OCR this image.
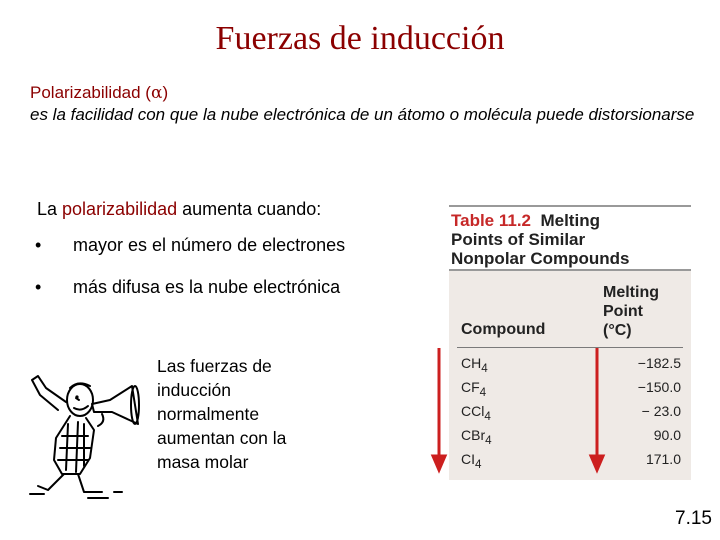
Fuerzas de inducción
Polarizabilidad (α)
es la facilidad con que la nube electrónica de un átomo o molécula puede distorsionarse
La polarizabilidad aumenta cuando:
• mayor es el número de electrones
• más difusa es la nube electrónica
Las fuerzas de inducción normalmente aumentan con la masa molar
Table 11.2 Melting
Points of Similar
Nonpolar Compounds
Compound
Melting
Point
(°C)
$CH_4$	−182.5
$CF_4$	−150.0
CCl$_4$	− 23.0
CBr$_4$	90.0
$CI_4$	171.0
7.15
